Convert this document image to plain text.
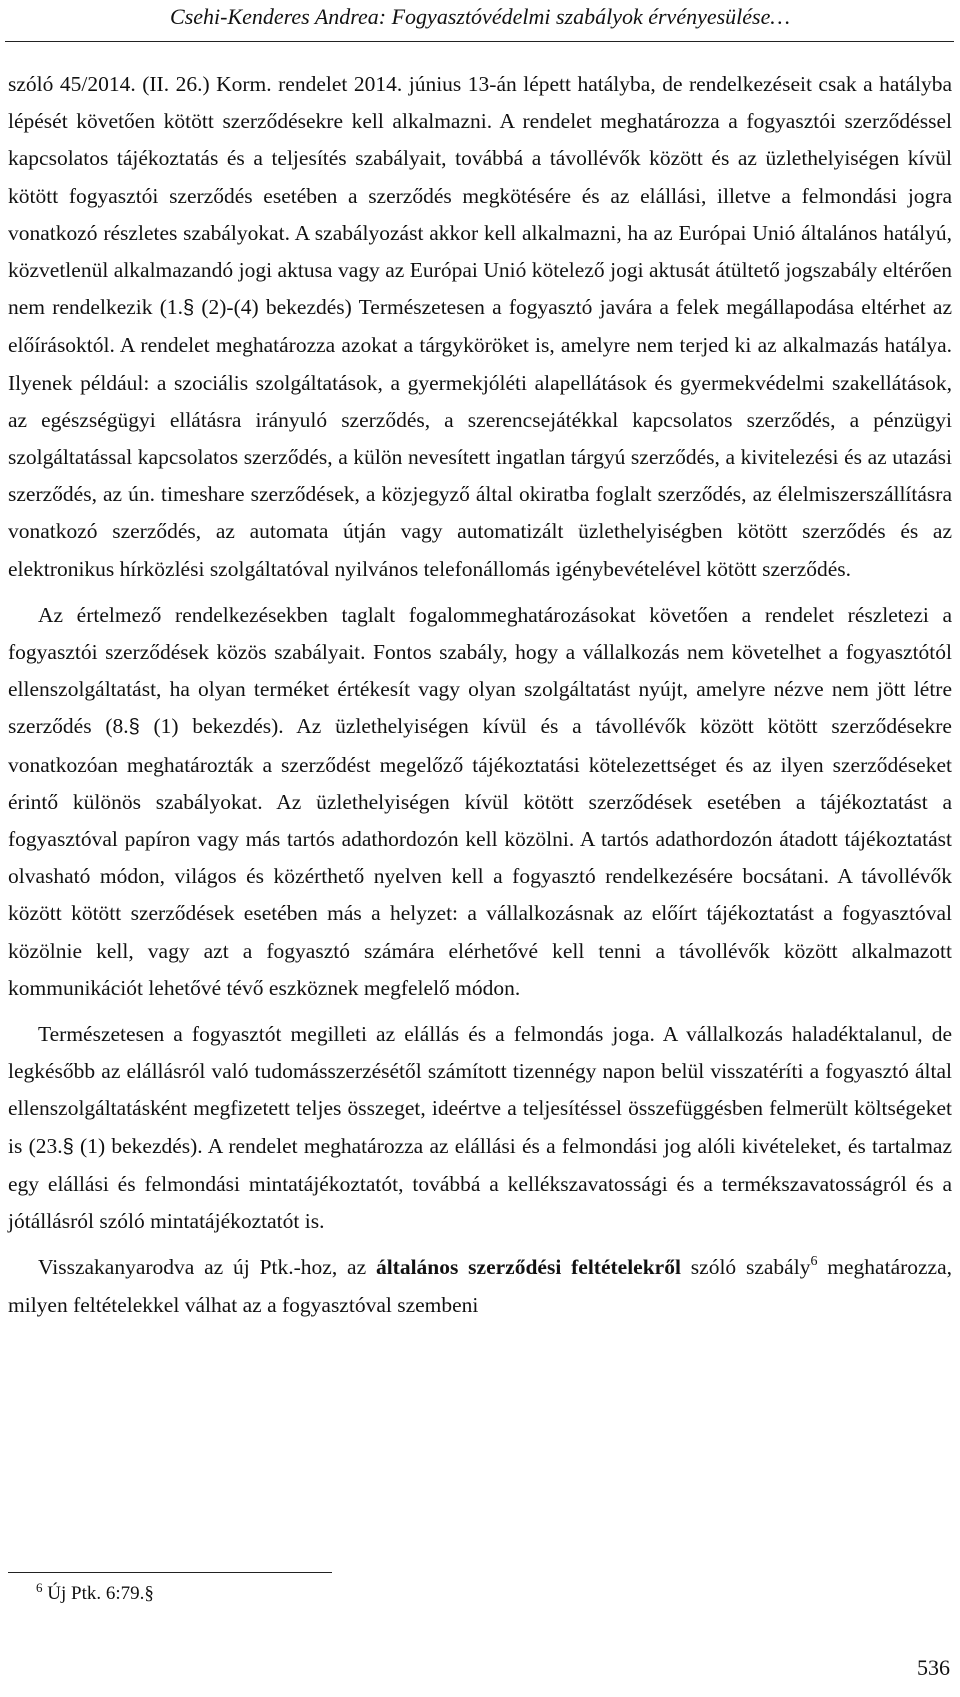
Csehi-Kenderes Andrea: Fogyasztóvédelmi szabályok érvényesülése…

szóló 45/2014. (II. 26.) Korm. rendelet 2014. június 13-án lépett hatályba, de rendelkezéseit csak a hatályba lépését követően kötött szerződésekre kell alkalmazni. A rendelet meghatározza a fogyasztói szerződéssel kapcsolatos tájékoztatás és a teljesítés szabályait, továbbá a távollévők között és az üzlethelyiségen kívül kötött fogyasztói szerződés esetében a szerződés megkötésére és az elállási, illetve a felmondási jogra vonatkozó részletes szabályokat. A szabályozást akkor kell alkalmazni, ha az Európai Unió általános hatályú, közvetlenül alkalmazandó jogi aktusa vagy az Európai Unió kötelező jogi aktusát átültető jogszabály eltérően nem rendelkezik (1.§ (2)-(4) bekezdés) Természetesen a fogyasztó javára a felek megállapodása eltérhet az előírásoktól. A rendelet meghatározza azokat a tárgyköröket is, amelyre nem terjed ki az alkalmazás hatálya. Ilyenek például: a szociális szolgáltatások, a gyermekjóléti alapellátások és gyermekvédelmi szakellátások, az egészségügyi ellátásra irányuló szerződés, a szerencsejátékkal kapcsolatos szerződés, a pénzügyi szolgáltatással kapcsolatos szerződés, a külön nevesített ingatlan tárgyú szerződés, a kivitelezési és az utazási szerződés, az ún. timeshare szerződések, a közjegyző által okiratba foglalt szerződés, az élelmiszerszállításra vonatkozó szerződés, az automata útján vagy automatizált üzlethelyiségben kötött szerződés és az elektronikus hírközlési szolgáltatóval nyilvános telefonállomás igénybevételével kötött szerződés.

Az értelmező rendelkezésekben taglalt fogalommeghatározásokat követően a rendelet részletezi a fogyasztói szerződések közös szabályait. Fontos szabály, hogy a vállalkozás nem követelhet a fogyasztótól ellenszolgáltatást, ha olyan terméket értékesít vagy olyan szolgáltatást nyújt, amelyre nézve nem jött létre szerződés (8.§ (1) bekezdés). Az üzlethelyiségen kívül és a távollévők között kötött szerződésekre vonatkozóan meghatározták a szerződést megelőző tájékoztatási kötelezettséget és az ilyen szerződéseket érintő különös szabályokat. Az üzlethelyiségen kívül kötött szerződések esetében a tájékoztatást a fogyasztóval papíron vagy más tartós adathordozón kell közölni. A tartós adathordozón átadott tájékoztatást olvasható módon, világos és közérthető nyelven kell a fogyasztó rendelkezésére bocsátani. A távollévők között kötött szerződések esetében más a helyzet: a vállalkozásnak az előírt tájékoztatást a fogyasztóval közölnie kell, vagy azt a fogyasztó számára elérhetővé kell tenni a távollévők között alkalmazott kommunikációt lehetővé tévő eszköznek megfelelő módon.

Természetesen a fogyasztót megilleti az elállás és a felmondás joga. A vállalkozás haladéktalanul, de legkésőbb az elállásról való tudomásszerzésétől számított tizennégy napon belül visszatéríti a fogyasztó által ellenszolgáltatásként megfizetett teljes összeget, ideértve a teljesítéssel összefüggésben felmerült költségeket is (23.§ (1) bekezdés). A rendelet meghatározza az elállási és a felmondási jog alóli kivételeket, és tartalmaz egy elállási és felmondási mintatájékoztatót, továbbá a kellékszavatossági és a termékszavatosságról és a jótállásról szóló mintatájékoztatót is.

Visszakanyarodva az új Ptk.-hoz, az általános szerződési feltételekről szóló szabály$^6$ meghatározza, milyen feltételekkel válhat az a fogyasztóval szembeni

$^6$ Új Ptk. 6:79.§
536
